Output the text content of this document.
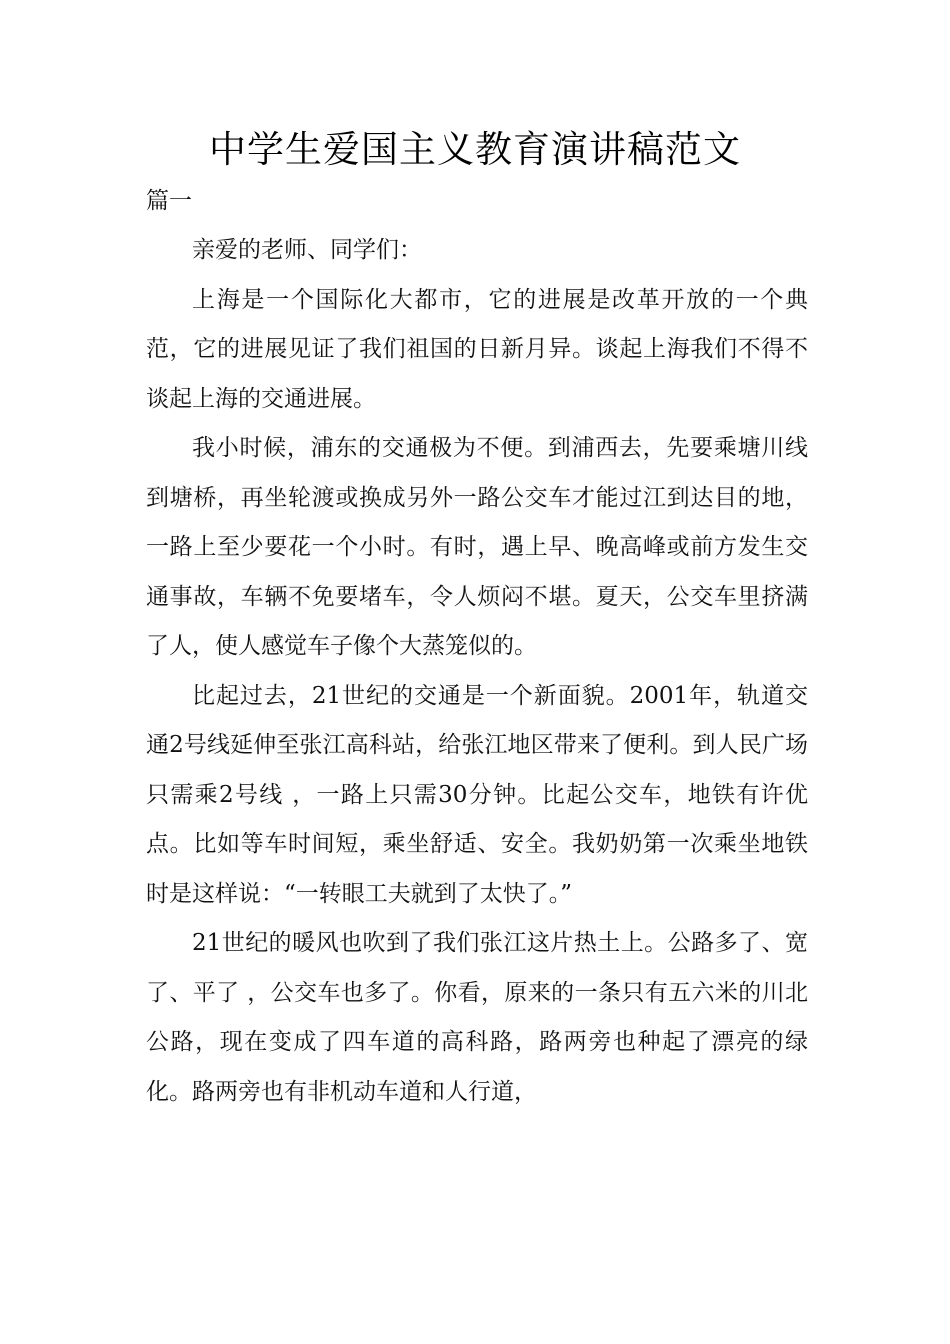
中学生爱国主义教育演讲稿范文
篇一

亲爱的老师、同学们：

上海是一个国际化大都市，它的进展是改革开放的一个典范，它的进展见证了我们祖国的日新月异。谈起上海我们不得不谈起上海的交通进展。

我小时候，浦东的交通极为不便。到浦西去，先要乘塘川线到塘桥，再坐轮渡或换成另外一路公交车才能过江到达目的地，一路上至少要花一个小时。有时，遇上早、晚高峰或前方发生交通事故，车辆不免要堵车，令人烦闷不堪。夏天，公交车里挤满了人，使人感觉车子像个大蒸笼似的。

比起过去，21世纪的交通是一个新面貌。2001年，轨道交通2号线延伸至张江高科站，给张江地区带来了便利。到人民广场只需乘2号线 ，一路上只需30分钟。比起公交车，地铁有许优点。比如等车时间短，乘坐舒适、安全。我奶奶第一次乘坐地铁时是这样说：“一转眼工夫就到了太快了。”

21世纪的暖风也吹到了我们张江这片热土上。公路多了、宽了、平了 ，公交车也多了。你看，原来的一条只有五六米的川北公路，现在变成了四车道的高科路，路两旁也种起了漂亮的绿化。路两旁也有非机动车道和人行道，
